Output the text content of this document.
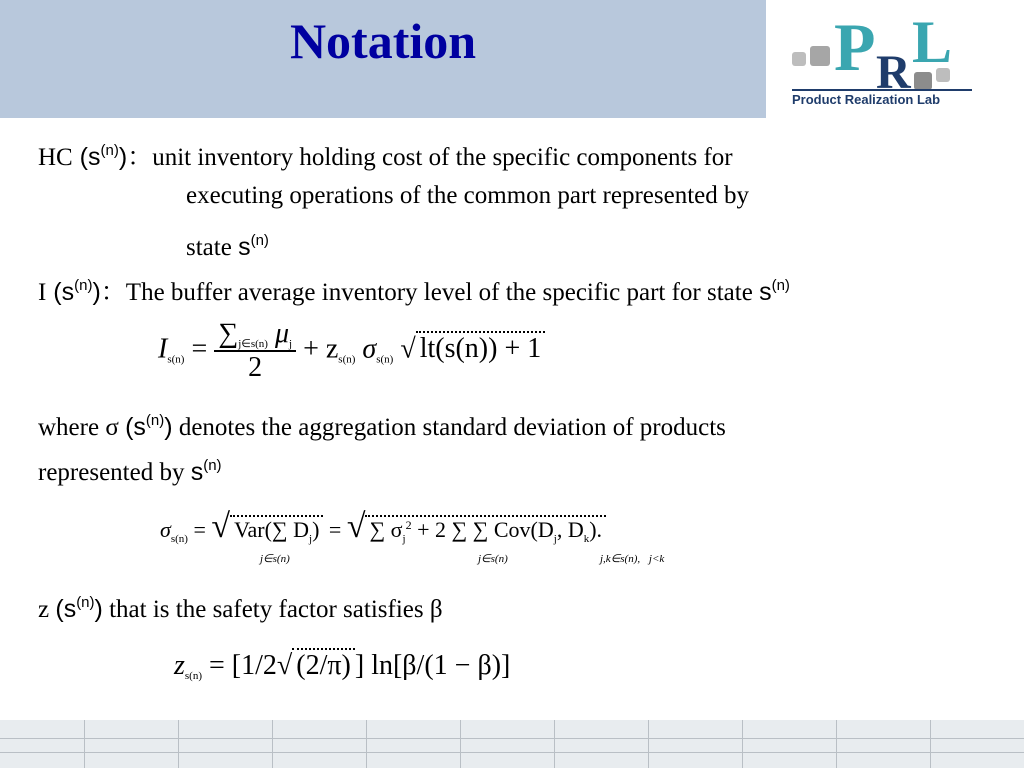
Notation	P R L
Product Realization Lab
HC $(s^{(n)})$：unit inventory holding cost of the specific components for
executing operations of the common part represented by
state $s^{(n)}$
I $(s^{(n)})$：The buffer average inventory level of the specific part for state $s^{(n)}$
$I_{s(n)} = \frac{\sum_{j\in s(n)} \mu_j}{2} + z_{s(n)}$ $\sigma_{s(n)}$ √ lt(s(n)) + 1
where σ $(s^{(n)})$ denotes the aggregation standard deviation of products
represented by $s^{(n)}$
$\sigma_{s(n)}$ = √ Var(∑ $D_j$) = √ ∑ $\sigma_j^2 + 2$ ∑ ∑ $Cov(D_j$, $D_k$).
j∈s(n)	j∈s(n)	j,k∈s(n), j<k
z $(s^{(n)})$ that is the safety factor satisfies β
$z_{s(n)} = [1/2√$ (2/π) ] ln[β/(1 − β)]
